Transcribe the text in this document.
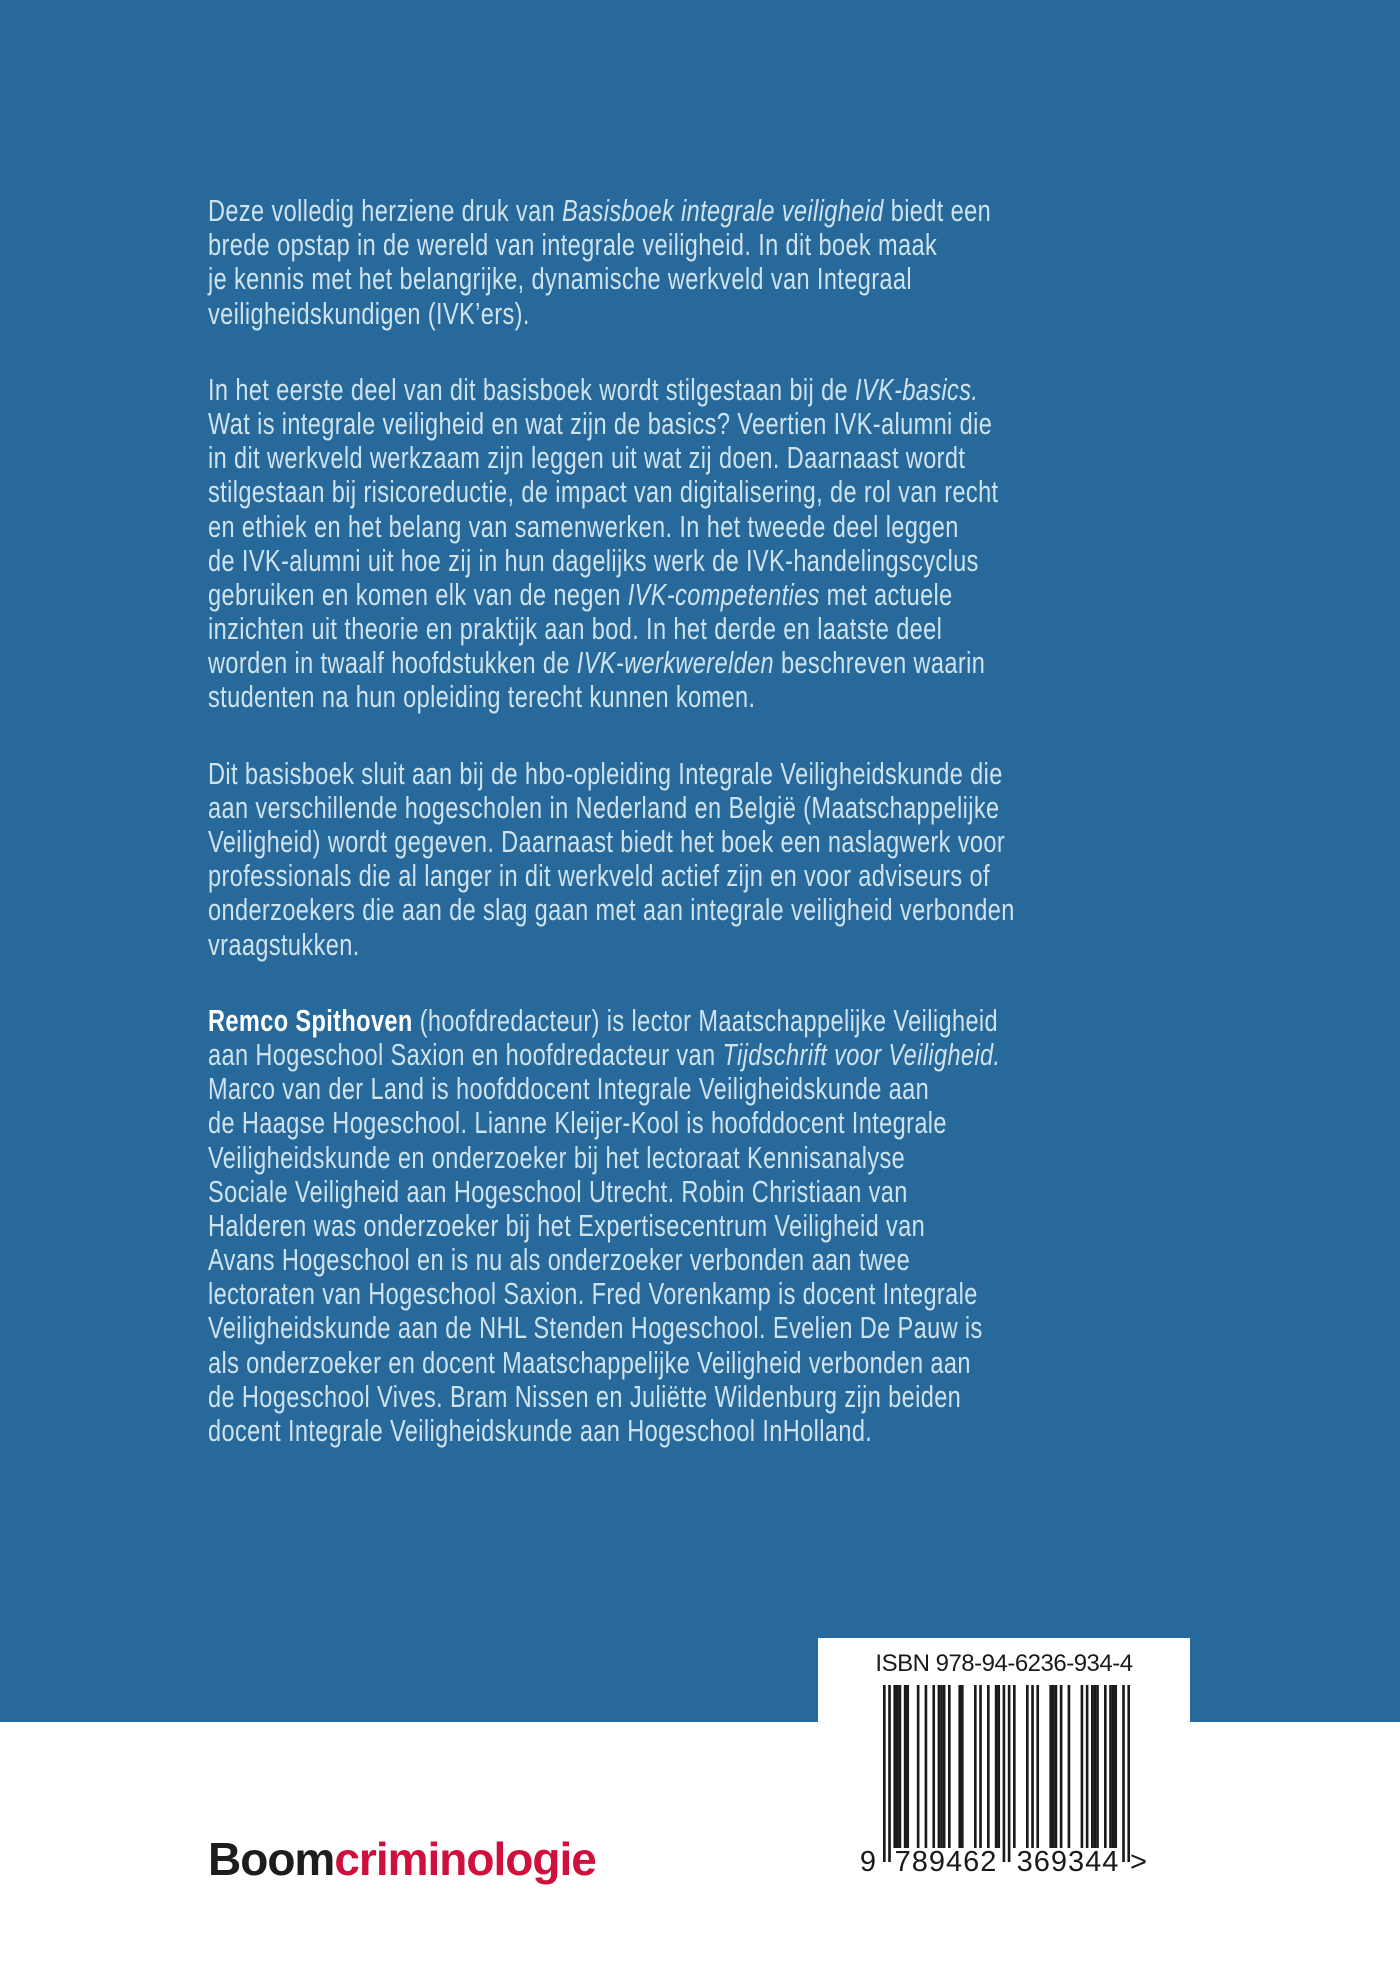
Deze volledig herziene druk van Basisboek integrale veiligheid biedt een
brede opstap in de wereld van integrale veiligheid. In dit boek maak
je kennis met het belangrijke, dynamische werkveld van Integraal
veiligheidskundigen (IVK’ers).
In het eerste deel van dit basisboek wordt stilgestaan bij de IVK-basics.
Wat is integrale veiligheid en wat zijn de basics? Veertien IVK-alumni die
in dit werkveld werkzaam zijn leggen uit wat zij doen. Daarnaast wordt
stilgestaan bij risicoreductie, de impact van digitalisering, de rol van recht
en ethiek en het belang van samenwerken. In het tweede deel leggen
de IVK-alumni uit hoe zij in hun dagelijks werk de IVK-handelingscyclus
gebruiken en komen elk van de negen IVK-competenties met actuele
inzichten uit theorie en praktijk aan bod. In het derde en laatste deel
worden in twaalf hoofdstukken de IVK-werkwerelden beschreven waarin
studenten na hun opleiding terecht kunnen komen.
Dit basisboek sluit aan bij de hbo-opleiding Integrale Veiligheidskunde die
aan verschillende hogescholen in Nederland en België (Maatschappelijke
Veiligheid) wordt gegeven. Daarnaast biedt het boek een naslagwerk voor
professionals die al langer in dit werkveld actief zijn en voor adviseurs of
onderzoekers die aan de slag gaan met aan integrale veiligheid verbonden
vraagstukken.
Remco Spithoven (hoofdredacteur) is lector Maatschappelijke Veiligheid
aan Hogeschool Saxion en hoofdredacteur van Tijdschrift voor Veiligheid.
Marco van der Land is hoofddocent Integrale Veiligheidskunde aan
de Haagse Hogeschool. Lianne Kleijer-Kool is hoofddocent Integrale
Veiligheidskunde en onderzoeker bij het lectoraat Kennisanalyse
Sociale Veiligheid aan Hogeschool Utrecht. Robin Christiaan van
Halderen was onderzoeker bij het Expertisecentrum Veiligheid van
Avans Hogeschool en is nu als onderzoeker verbonden aan twee
lectoraten van Hogeschool Saxion. Fred Vorenkamp is docent Integrale
Veiligheidskunde aan de NHL Stenden Hogeschool. Evelien De Pauw is
als onderzoeker en docent Maatschappelijke Veiligheid verbonden aan
de Hogeschool Vives. Bram Nissen en Juliëtte Wildenburg zijn beiden
docent Integrale Veiligheidskunde aan Hogeschool InHolland.
ISBN 978-94-6236-934-4
9 789462 369344 >
Boomcriminologie
